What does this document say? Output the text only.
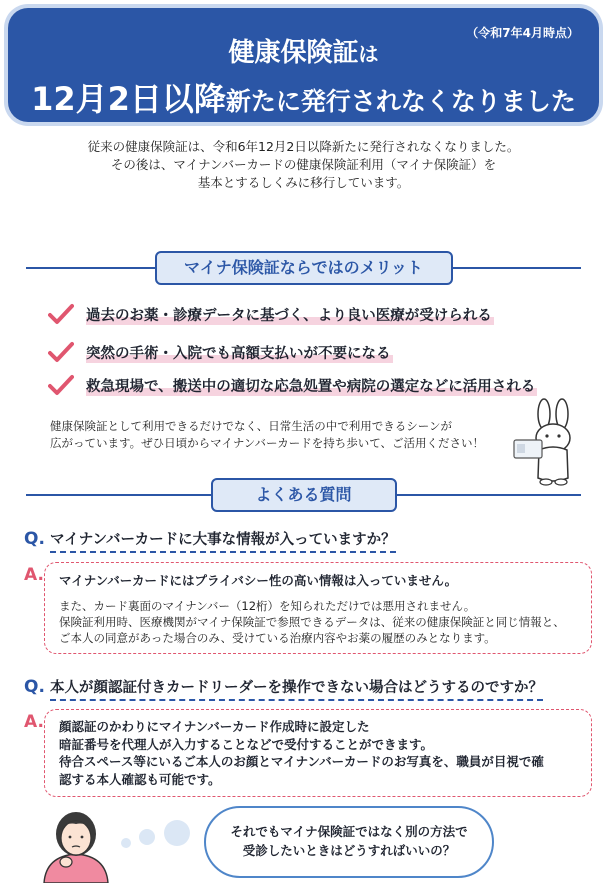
（令和7年4月時点）
健康保険証は
12月2日以降新たに発行されなくなりました
従来の健康保険証は、令和6年12月2日以降新たに発行されなくなりました。
その後は、マイナンバーカードの健康保険証利用（マイナ保険証）を
基本とするしくみに移行しています。
マイナ保険証ならではのメリット
過去のお薬・診療データに基づく、より良い医療が受けられる
突然の手術・入院でも高額支払いが不要になる
救急現場で、搬送中の適切な応急処置や病院の選定などに活用される
健康保険証として利用できるだけでなく、日常生活の中で利用できるシーンが
広がっています。ぜひ日頃からマイナンバーカードを持ち歩いて、ご活用ください！
よくある質問
Q. マイナンバーカードに大事な情報が入っていますか？
A. マイナンバーカードにはプライバシー性の高い情報は入っていません。
また、カード裏面のマイナンバー（12桁）を知られただけでは悪用されません。
保険証利用時、医療機関がマイナ保険証で参照できるデータは、従来の健康保険証と同じ情報と、
ご本人の同意があった場合のみ、受けている治療内容やお薬の履歴のみとなります。
Q. 本人が顔認証付きカードリーダーを操作できない場合はどうするのですか？
A. 顔認証のかわりにマイナンバーカード作成時に設定した
暗証番号を代理人が入力することなどで受付することができます。
待合スペース等にいるご本人のお顔とマイナンバーカードのお写真を、職員が目視で確
認する本人確認も可能です。
それでもマイナ保険証ではなく別の方法で
受診したいときはどうすればいいの？
